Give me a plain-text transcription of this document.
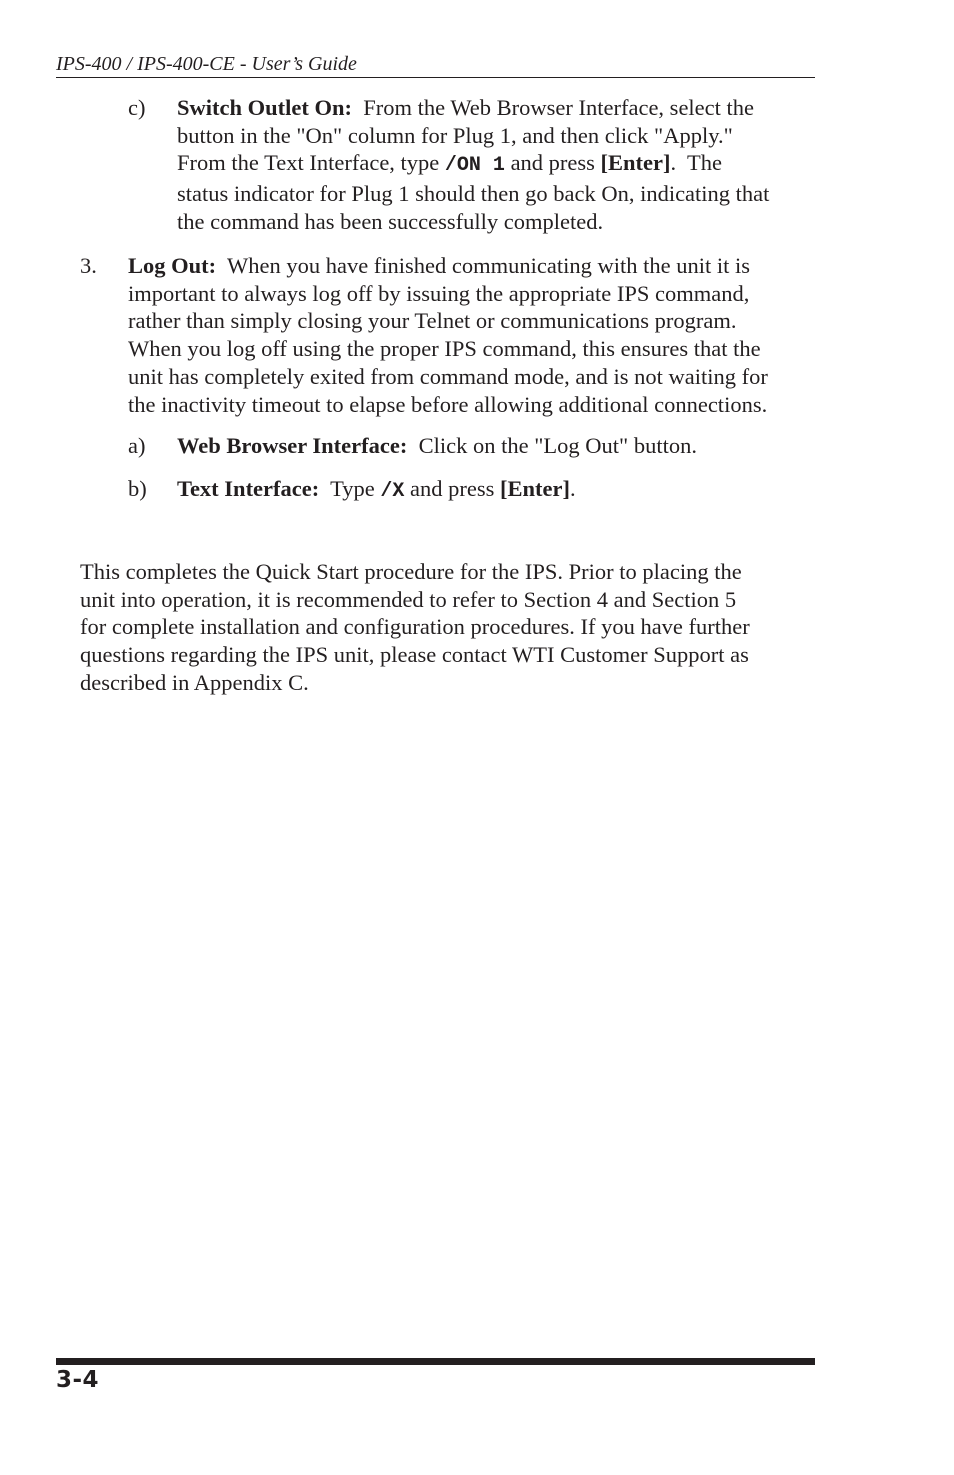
IPS-400 / IPS-400-CE - User’s Guide
c) Switch Outlet On:  From the Web Browser Interface, select the
button in the "On" column for Plug 1, and then click "Apply."
From the Text Interface, type /ON 1 and press [Enter].  The
status indicator for Plug 1 should then go back On, indicating that
the command has been successfully completed.
3. Log Out:  When you have finished communicating with the unit it is
important to always log off by issuing the appropriate IPS command,
rather than simply closing your Telnet or communications program.
When you log off using the proper IPS command, this ensures that the
unit has completely exited from command mode, and is not waiting for
the inactivity timeout to elapse before allowing additional connections.
a) Web Browser Interface:  Click on the "Log Out" button.
b) Text Interface:  Type /X and press [Enter].
This completes the Quick Start procedure for the IPS. Prior to placing the
unit into operation, it is recommended to refer to Section 4 and Section 5
for complete installation and configuration procedures. If you have further
questions regarding the IPS unit, please contact WTI Customer Support as
described in Appendix C.
3-4
